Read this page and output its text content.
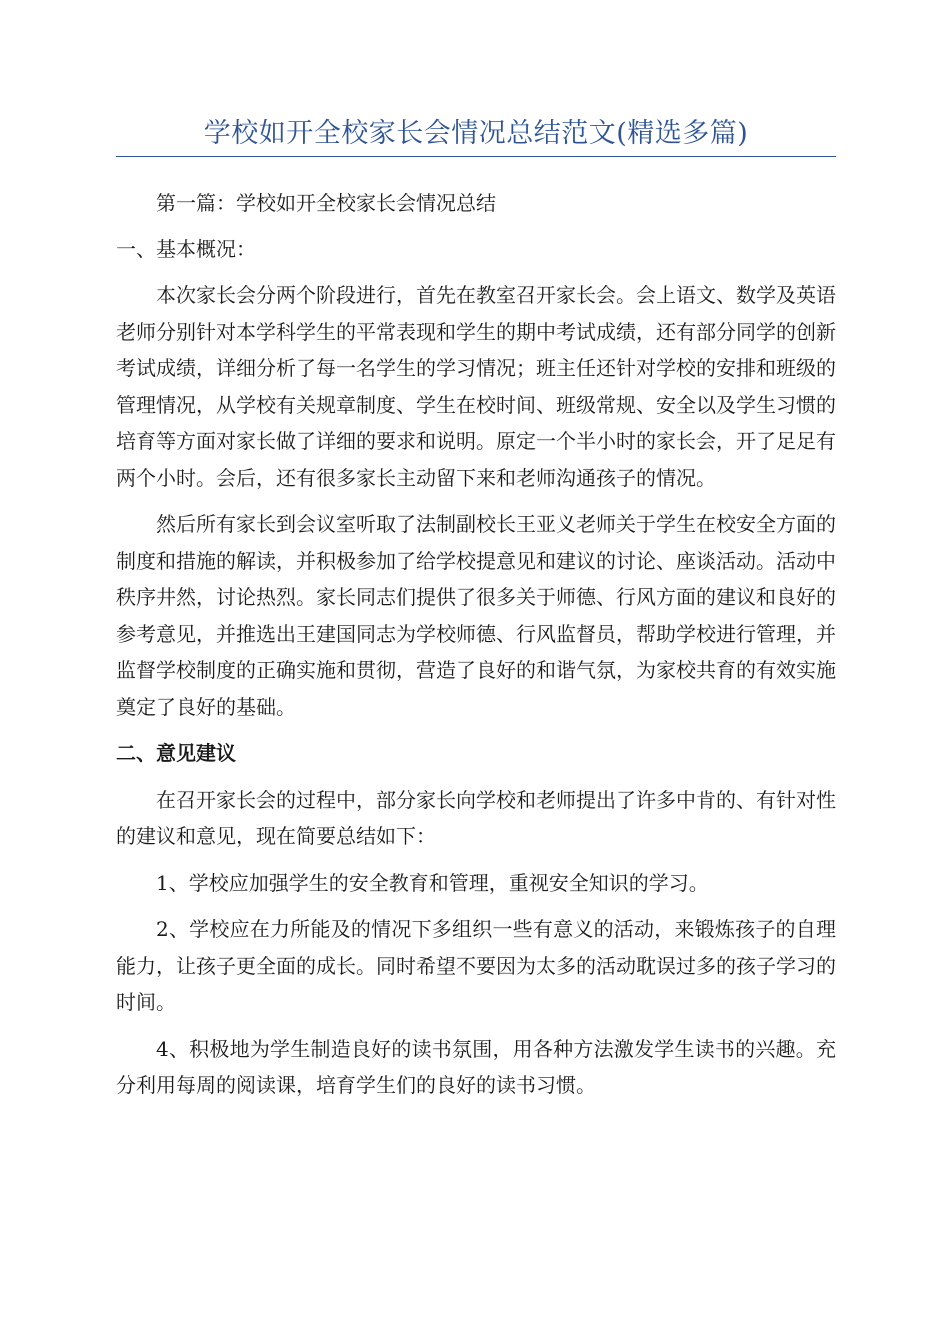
学校如开全校家长会情况总结范文(精选多篇)

第一篇：学校如开全校家长会情况总结

一、基本概况：

本次家长会分两个阶段进行，首先在教室召开家长会。会上语文、数学及英语老师分别针对本学科学生的平常表现和学生的期中考试成绩，还有部分同学的创新考试成绩，详细分析了每一名学生的学习情况；班主任还针对学校的安排和班级的管理情况，从学校有关规章制度、学生在校时间、班级常规、安全以及学生习惯的培育等方面对家长做了详细的要求和说明。原定一个半小时的家长会，开了足足有两个小时。会后，还有很多家长主动留下来和老师沟通孩子的情况。

然后所有家长到会议室听取了法制副校长王亚义老师关于学生在校安全方面的制度和措施的解读，并积极参加了给学校提意见和建议的讨论、座谈活动。活动中秩序井然，讨论热烈。家长同志们提供了很多关于师德、行风方面的建议和良好的参考意见，并推选出王建国同志为学校师德、行风监督员，帮助学校进行管理，并监督学校制度的正确实施和贯彻，营造了良好的和谐气氛，为家校共育的有效实施奠定了良好的基础。

二、意见建议

在召开家长会的过程中，部分家长向学校和老师提出了许多中肯的、有针对性的建议和意见，现在简要总结如下：

1、学校应加强学生的安全教育和管理，重视安全知识的学习。

2、学校应在力所能及的情况下多组织一些有意义的活动，来锻炼孩子的自理能力，让孩子更全面的成长。同时希望不要因为太多的活动耽误过多的孩子学习的时间。

4、积极地为学生制造良好的读书氛围，用各种方法激发学生读书的兴趣。充分利用每周的阅读课，培育学生们的良好的读书习惯。
